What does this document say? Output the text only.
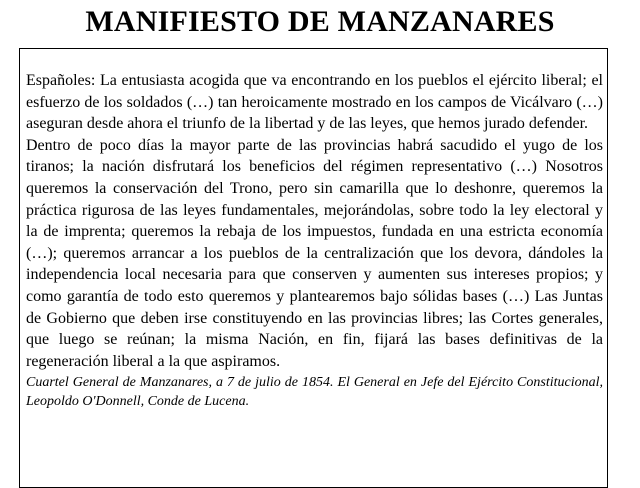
MANIFIESTO DE MANZANARES

Españoles: La entusiasta acogida que va encontrando en los pueblos el ejército liberal; el esfuerzo de los soldados (…) tan heroicamente mostrado en los campos de Vicálvaro (…) aseguran desde ahora el triunfo de la libertad y de las leyes, que hemos jurado defender.

Dentro de poco días la mayor parte de las provincias habrá sacudido el yugo de los tiranos; la nación disfrutará los beneficios del régimen representativo (…) Nosotros queremos la conservación del Trono, pero sin camarilla que lo deshonre, queremos la práctica rigurosa de las leyes fundamentales, mejorándolas, sobre todo la ley electoral y la de imprenta; queremos la rebaja de los impuestos, fundada en una estricta economía (…); queremos arrancar a los pueblos de la centralización que los devora, dándoles la independencia local necesaria para que conserven y aumenten sus intereses propios; y como garantía de todo esto queremos y plantearemos bajo sólidas bases (…) Las Juntas de Gobierno que deben irse constituyendo en las provincias libres; las Cortes generales, que luego se reúnan; la misma Nación, en fin, fijará las bases definitivas de la regeneración liberal a la que aspiramos.

Cuartel General de Manzanares, a 7 de julio de 1854. El General en Jefe del Ejército Constitucional, Leopoldo O'Donnell, Conde de Lucena.
